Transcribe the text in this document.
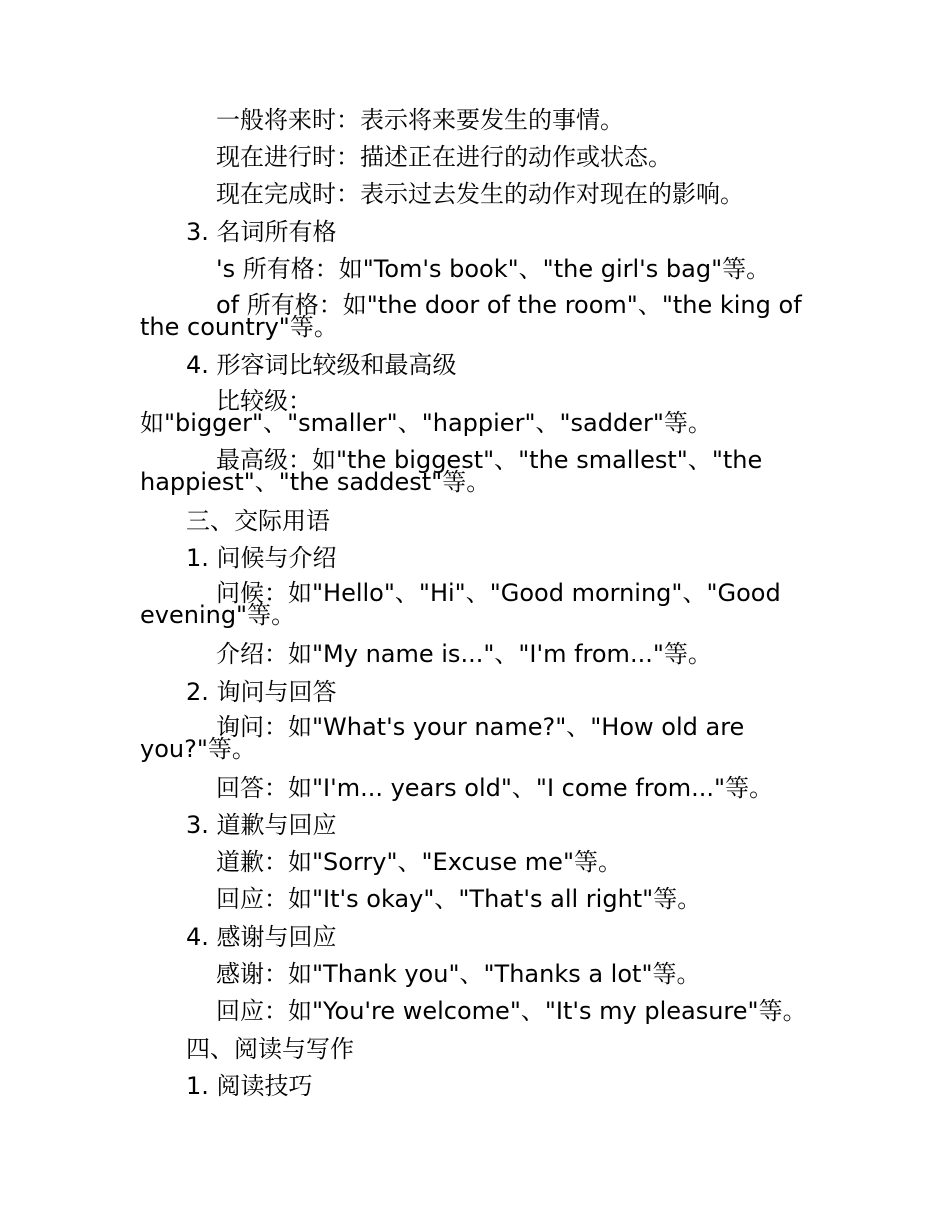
一般将来时：表示将来要发生的事情。
现在进行时：描述正在进行的动作或状态。
现在完成时：表示过去发生的动作对现在的影响。
3. 名词所有格
's 所有格：如"Tom's book"、"the girl's bag"等。
of 所有格：如"the door of the room"、"the king of
the country"等。
4. 形容词比较级和最高级
比较级：
如"bigger"、"smaller"、"happier"、"sadder"等。
最高级：如"the biggest"、"the smallest"、"the
happiest"、"the saddest"等。
三、交际用语
1. 问候与介绍
问候：如"Hello"、"Hi"、"Good morning"、"Good
evening"等。
介绍：如"My name is..."、"I'm from..."等。
2. 询问与回答
询问：如"What's your name?"、"How old are
you?"等。
回答：如"I'm... years old"、"I come from..."等。
3. 道歉与回应
道歉：如"Sorry"、"Excuse me"等。
回应：如"It's okay"、"That's all right"等。
4. 感谢与回应
感谢：如"Thank you"、"Thanks a lot"等。
回应：如"You're welcome"、"It's my pleasure"等。
四、阅读与写作
1. 阅读技巧
